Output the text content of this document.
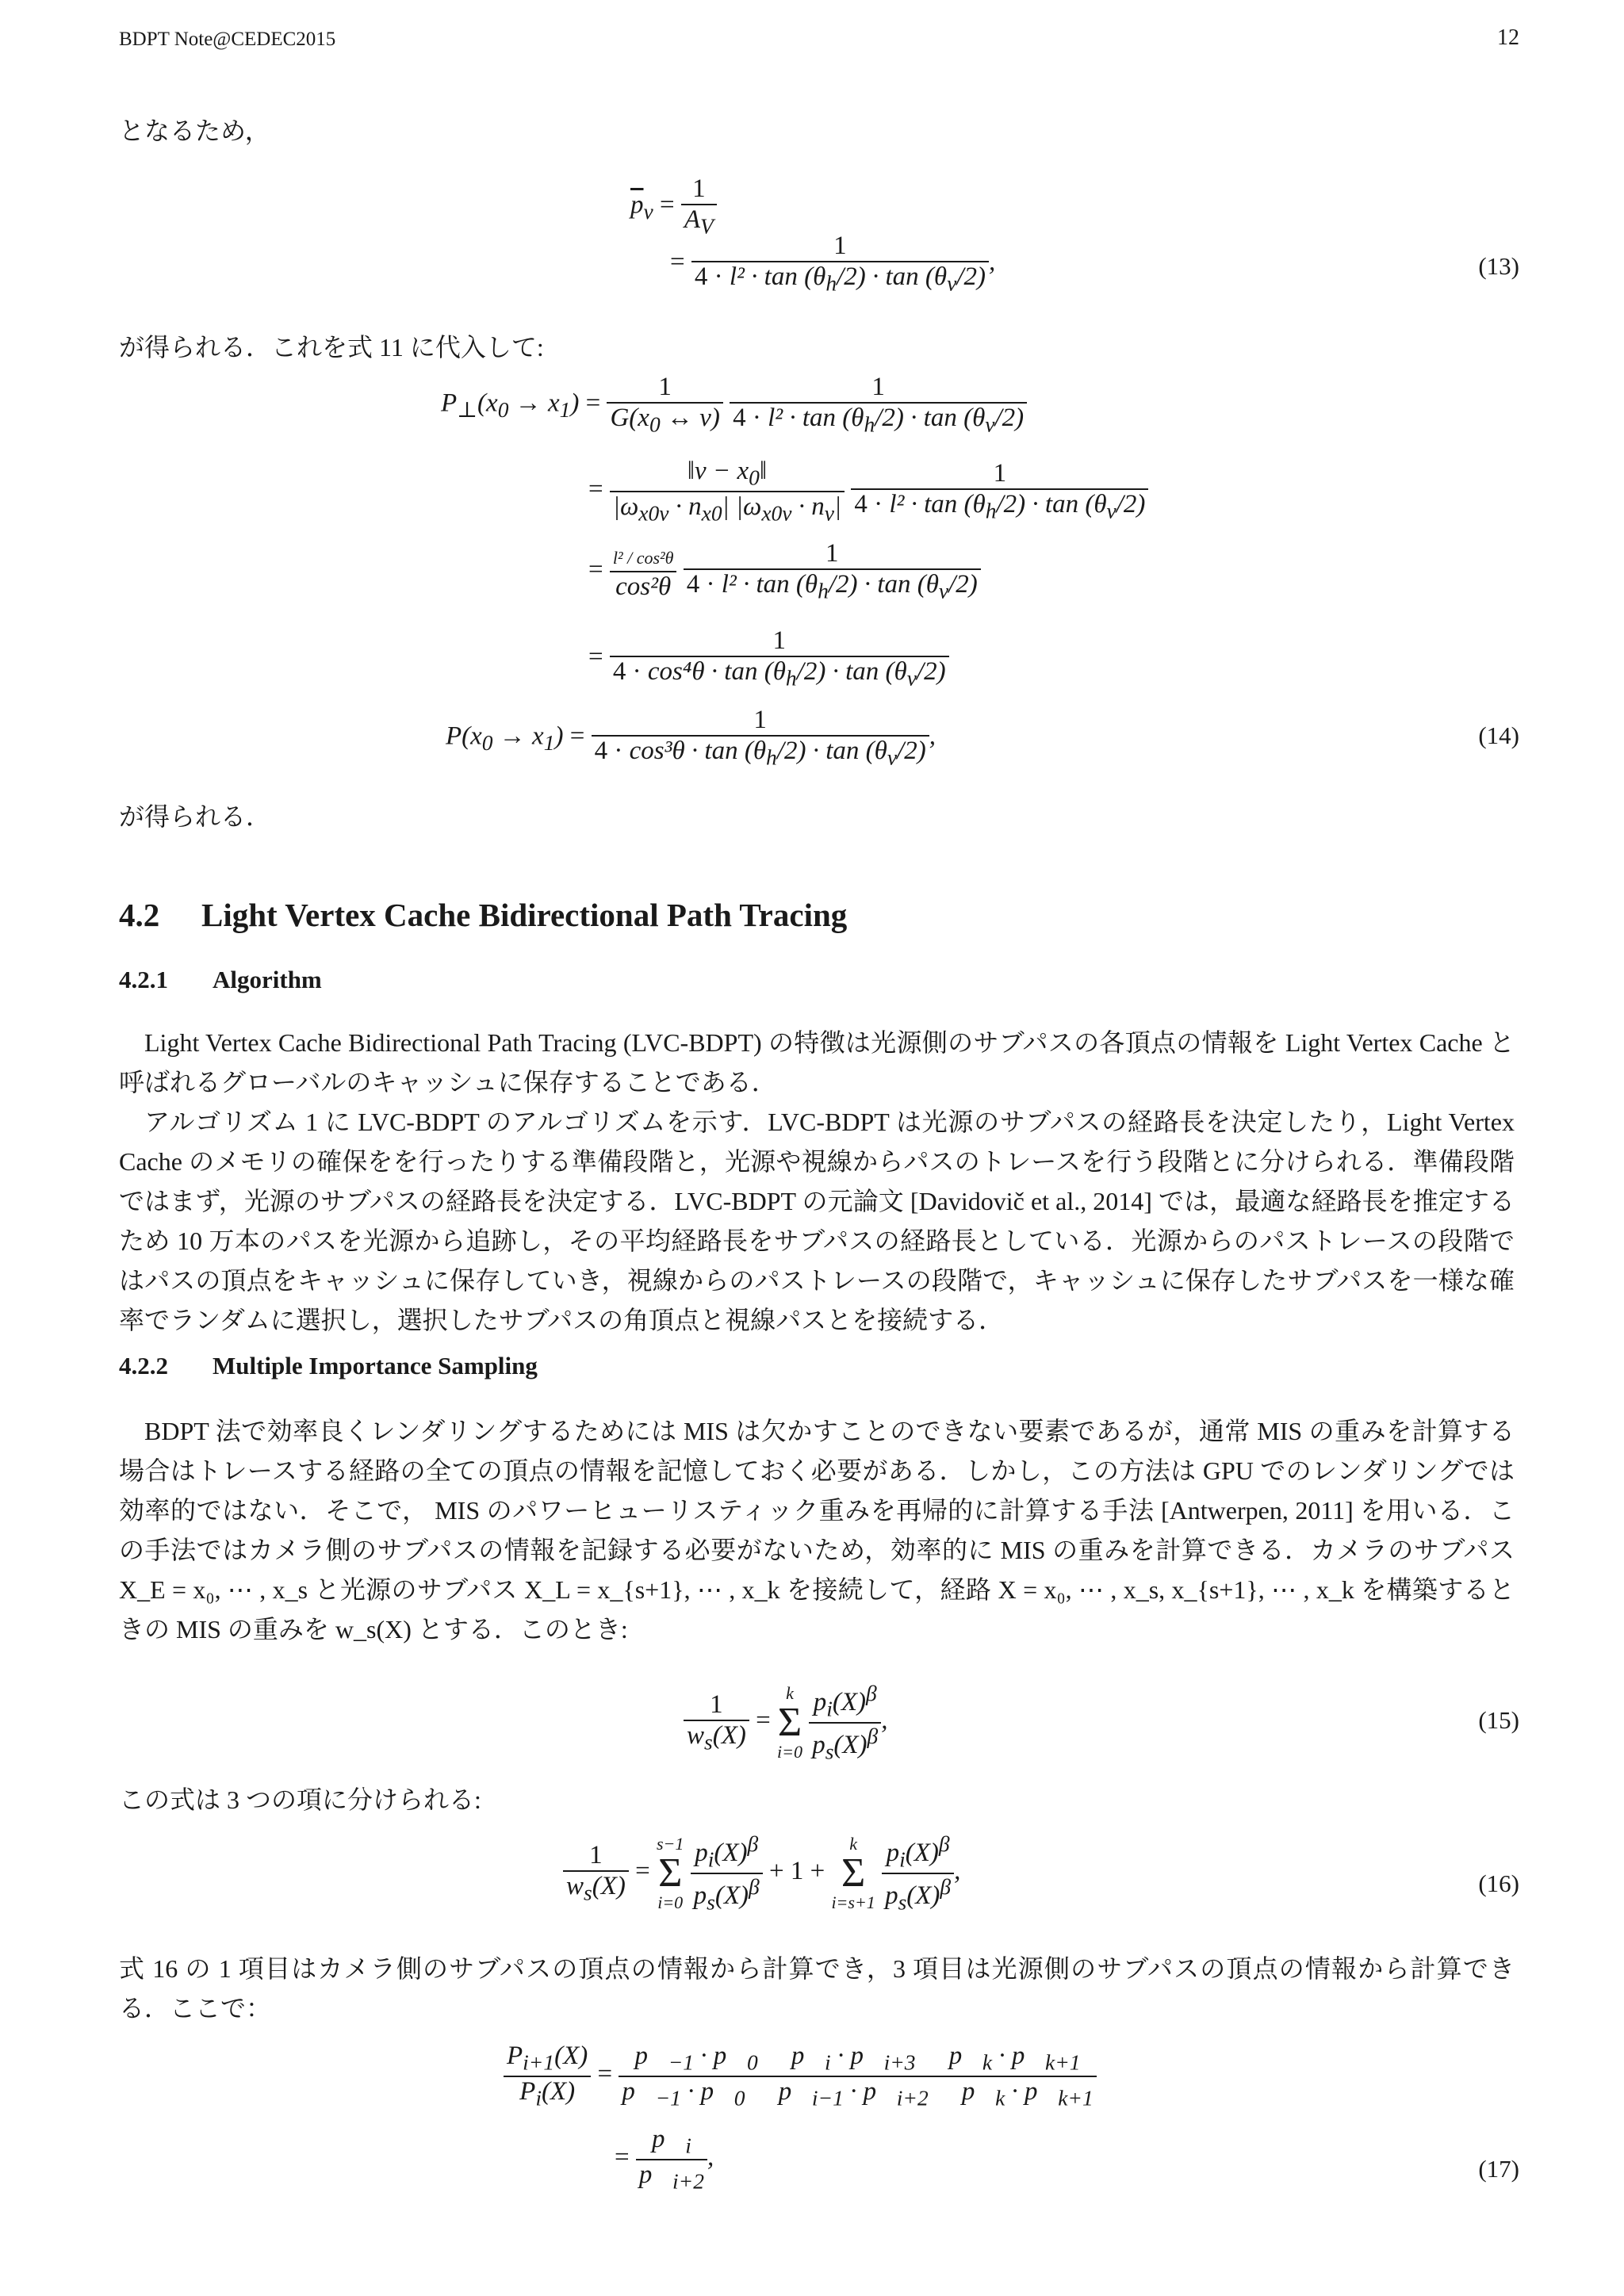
BDPT Note@CEDEC2015	12
となるため，
$\overline{p}_v = \frac{1}{A_V}$
= $\frac{1}{4 \cdot l^2 \cdot \tan (\theta_h/2) \cdot \tan (\theta_v/2)}$ ,	(13)
が得られる．これを式 11 に代入して:
$P_\perp(x_0 \to x_1) = \frac{1}{G(x_0 \leftrightarrow v)}$
$\frac{1}{4 \cdot l^2 \cdot \tan (\theta_h/2) \cdot \tan (\theta_v/2)}$
= $\frac{‖v - x_0‖}{|\omega_{x0v} \cdot n_{x0}| |\omega_{x0v} \cdot n_v|}$
$\frac{1}{4 \cdot l^2 \cdot \tan (\theta_h/2) \cdot \tan (\theta_v/2)}$
= $\frac{\text{l² / cos²θ}}{\text{cos²θ}}$
$\frac{1}{4 \cdot l^2 \cdot \tan (\theta_h/2) \cdot \tan (\theta_v/2)}$
= $\frac{1}{4 \cdot \cos^4\theta \cdot \tan (\theta_h/2) \cdot \tan (\theta_v/2)}$
$P(x_0 \to x_1) = \frac{1}{4 \cdot \cos^3\theta \cdot \tan (\theta_h/2) \cdot \tan (\theta_v/2)}$ ,	(14)
が得られる．
4.2 Light Vertex Cache Bidirectional Path Tracing
4.2.1 Algorithm
Light Vertex Cache Bidirectional Path Tracing (LVC-BDPT) の特徴は光源側のサブパスの各頂点の情報を Light Vertex Cache と呼ばれるグローバルのキャッシュに保存することである．
アルゴリズム 1 に LVC-BDPT のアルゴリズムを示す．LVC-BDPT は光源のサブパスの経路長を決定したり，Light Vertex Cache のメモリの確保をを行ったりする準備段階と，光源や視線からパスのトレースを行う段階とに分けられる．準備段階ではまず，光源のサブパスの経路長を決定する．LVC-BDPT の元論文 [Davidovič et al., 2014] では，最適な経路長を推定するため 10 万本のパスを光源から追跡し，その平均経路長をサブパスの経路長としている．光源からのパストレースの段階ではパスの頂点をキャッシュに保存していき，視線からのパストレースの段階で，キャッシュに保存したサブパスを一様な確率でランダムに選択し，選択したサブパスの角頂点と視線パスとを接続する．
4.2.2 Multiple Importance Sampling
BDPT 法で効率良くレンダリングするためには MIS は欠かすことのできない要素であるが，通常 MIS の重みを計算する場合はトレースする経路の全ての頂点の情報を記憶しておく必要がある．しかし，この方法は GPU でのレンダリングでは効率的ではない．そこで， MIS のパワーヒューリスティック重みを再帰的に計算する手法 [Antwerpen, 2011] を用いる．この手法ではカメラ側のサブパスの情報を記録する必要がないため，効率的に MIS の重みを計算できる．カメラのサブパス X_E = x₀, ⋯ , x_s と光源のサブパス X_L = x_{s+1}, ⋯ , x_k を接続して，経路 X = x₀, ⋯ , x_s, x_{s+1}, ⋯ , x_k を構築するときの MIS の重みを w_s(X) とする．このとき:
$\frac{1}{w_s(X)}$ =
k
Σ
i=0
$\frac{p_i(X)^\beta}{p_s(X)^\beta}$ ,	(15)
この式は 3 つの項に分けられる:
$\frac{1}{w_s(X)}$ =
s−1
Σ
i=0
$\frac{p_i(X)^\beta}{p_s(X)^\beta} + 1$ +
k
Σ
i=s+1
$\frac{p_i(X)^\beta}{p_s(X)^\beta}$ ,	(16)
式 16 の 1 項目はカメラ側のサブパスの頂点の情報から計算でき，3 項目は光源側のサブパスの頂点の情報から計算できる．ここで：
$\frac{P_{i+1}(X)}{P_i(X)} = \frac{p⃗_{-1} \cdot p⃗_0 \cdots p⃗_i \cdot p⃖_{i+3} \cdots p⃖_k \cdot p⃖_{k+1}}{p⃗_{-1} \cdot p⃗_0 \cdots p⃗_{i-1} \cdot p⃖_{i+2} \cdots p⃖_k \cdot p⃖_{k+1}}$
= $\frac{p⃗_i}{p⃖_{i+2}}$ ,	(17)
